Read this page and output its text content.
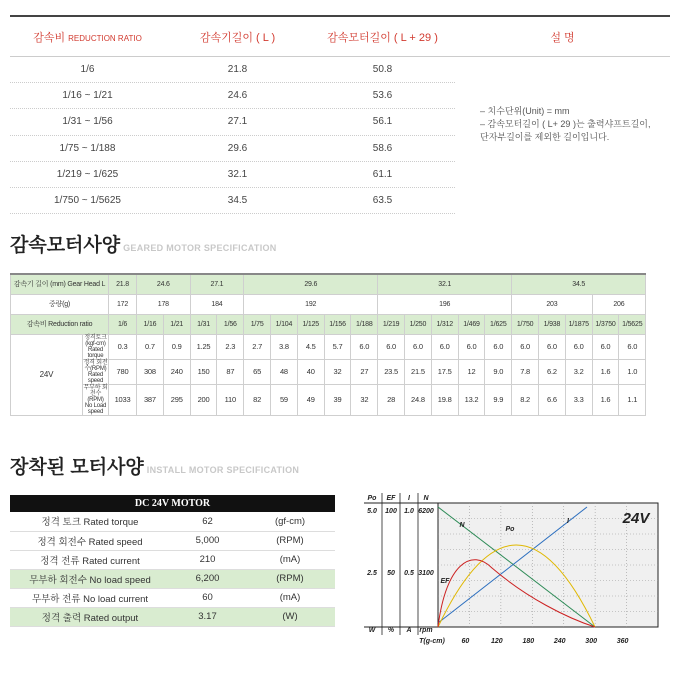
감속비 REDUCTION RATIO	감속기길이 ( L )	감속모터길이 ( L + 29 )	설 명
1/6	21.8	50.8
1/16 ~ 1/21	24.6	53.6
1/31 ~ 1/56	27.1	56.1
1/75 ~ 1/188	29.6	58.6
1/219 ~ 1/625	32.1	61.1
1/750 ~ 1/5625	34.5	63.5
– 치수단위(Unit) = mm
– 감속모터길이 ( L+ 29 )는 출력샤프트길이,
단자부길이를 제외한 길이입니다.
감속모터사양 GEARED MOTOR SPECIFICATION
감속기 길이 (mm) Gear Head L		21.8	24.6		27.1		29.6					32.1					34.5				
중량(g)		172	178		184		192					196					203			206	
감속비 Reduction ratio		1/6	1/16	1/21	1/31	1/56	1/75	1/104	1/125	1/156	1/188	1/219	1/250	1/312	1/469	1/625	1/750	1/938	1/1875	1/3750	1/5625
24V	정격토크(kgf-cm)
Rated torque	0.3	0.7	0.9	1.25	2.3	2.7	3.8	4.5	5.7	6.0	6.0	6.0	6.0	6.0	6.0	6.0	6.0	6.0	6.0	6.0

	정격 회전수(RPM)
Rated speed	780	308	240	150	87	65	48	40	32	27	23.5	21.5	17.5	12	9.0	7.8	6.2	3.2	1.6	1.0

	무부하 회전수(RPM)
No Load speed	1033	387	295	200	110	82	59	49	39	32	28	24.8	19.8	13.2	9.9	8.2	6.6	3.3	1.6	1.1
장착된 모터사양 INSTALL MOTOR SPECIFICATION
DC 24V MOTOR		
정격 토크 Rated torque	62	(gf-cm)
정격 회전수 Rated speed	5,000	(RPM)
정격 전류 Rated current	210	(mA)
무부하 회전수 No load speed	6,200	(RPM)
무부하 전류 No load current	60	(mA)
정격 출력 Rated output	3.17	(W)
Po EF I N
5.0 100 1.0 6200
2.5 50 0.5 3100
W % A rpm
T(g-cm) 60	120	180	240	300	360
24V
N
Po
I
EF
